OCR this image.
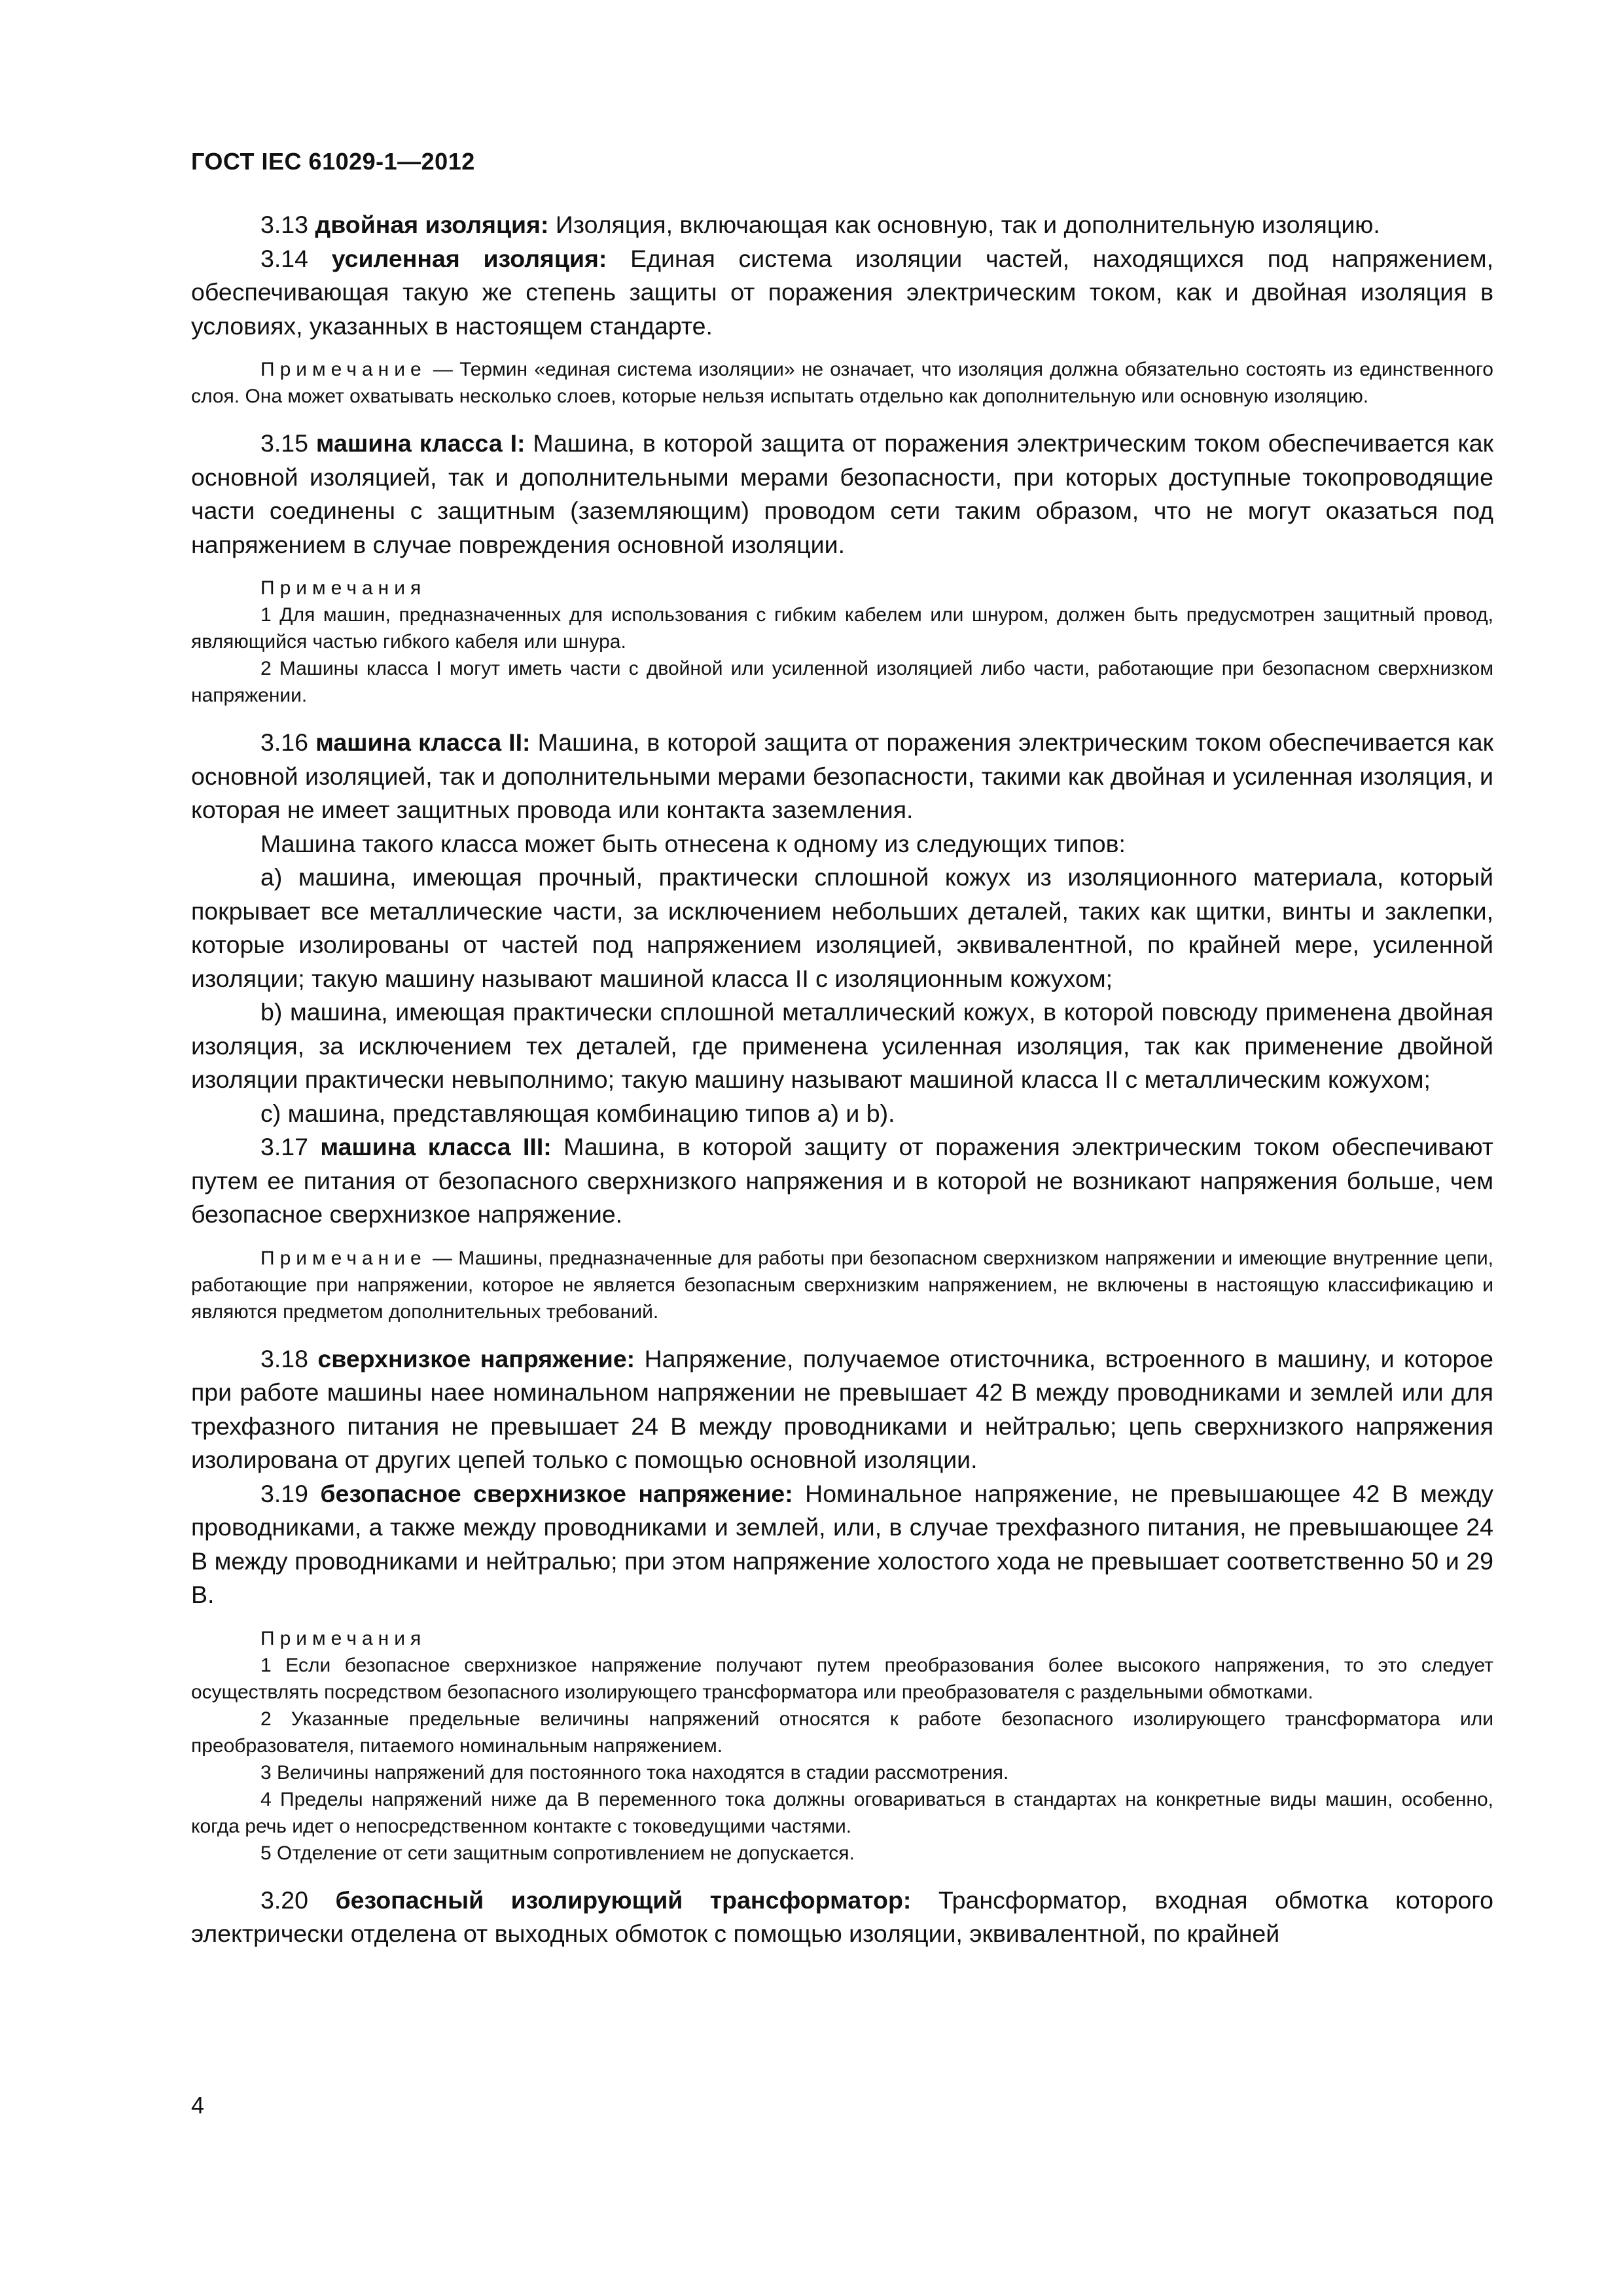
ГОСТ IEC 61029-1—2012

3.13 двойная изоляция: Изоляция, включающая как основную, так и дополнительную изоляцию.

3.14 усиленная изоляция: Единая система изоляции частей, находящихся под напряжением, обеспечивающая такую же степень защиты от поражения электрическим током, как и двойная изоляция в условиях, указанных в настоящем стандарте.

Примечание — Термин «единая система изоляции» не означает, что изоляция должна обязательно состоять из единственного слоя. Она может охватывать несколько слоев, которые нельзя испытать отдельно как дополнительную или основную изоляцию.

3.15 машина класса I: Машина, в которой защита от поражения электрическим током обеспечивается как основной изоляцией, так и дополнительными мерами безопасности, при которых доступные токопроводящие части соединены с защитным (заземляющим) проводом сети таким образом, что не могут оказаться под напряжением в случае повреждения основной изоляции.

Примечания

1 Для машин, предназначенных для использования с гибким кабелем или шнуром, должен быть предусмотрен защитный провод, являющийся частью гибкого кабеля или шнура.

2 Машины класса I могут иметь части с двойной или усиленной изоляцией либо части, работающие при безопасном сверхнизком напряжении.

3.16 машина класса II: Машина, в которой защита от поражения электрическим током обеспечивается как основной изоляцией, так и дополнительными мерами безопасности, такими как двойная и усиленная изоляция, и которая не имеет защитных провода или контакта заземления.

Машина такого класса может быть отнесена к одному из следующих типов:

a) машина, имеющая прочный, практически сплошной кожух из изоляционного материала, который покрывает все металлические части, за исключением небольших деталей, таких как щитки, винты и заклепки, которые изолированы от частей под напряжением изоляцией, эквивалентной, по крайней мере, усиленной изоляции; такую машину называют машиной класса II с изоляционным кожухом;

b) машина, имеющая практически сплошной металлический кожух, в которой повсюду применена двойная изоляция, за исключением тех деталей, где применена усиленная изоляция, так как применение двойной изоляции практически невыполнимо; такую машину называют машиной класса II с металлическим кожухом;

c) машина, представляющая комбинацию типов а) и b).

3.17 машина класса III: Машина, в которой защиту от поражения электрическим током обеспечивают путем ее питания от безопасного сверхнизкого напряжения и в которой не возникают напряжения больше, чем безопасное сверхнизкое напряжение.

Примечание — Машины, предназначенные для работы при безопасном сверхнизком напряжении и имеющие внутренние цепи, работающие при напряжении, которое не является безопасным сверхнизким напряжением, не включены в настоящую классификацию и являются предметом дополнительных требований.

3.18 сверхнизкое напряжение: Напряжение, получаемое отисточника, встроенного в машину, и которое при работе машины наее номинальном напряжении не превышает 42 В между проводниками и землей или для трехфазного питания не превышает 24 В между проводниками и нейтралью; цепь сверхнизкого напряжения изолирована от других цепей только с помощью основной изоляции.

3.19 безопасное сверхнизкое напряжение: Номинальное напряжение, не превышающее 42 В между проводниками, а также между проводниками и землей, или, в случае трехфазного питания, не превышающее 24 В между проводниками и нейтралью; при этом напряжение холостого хода не превышает соответственно 50 и 29 В.

Примечания

1 Если безопасное сверхнизкое напряжение получают путем преобразования более высокого напряжения, то это следует осуществлять посредством безопасного изолирующего трансформатора или преобразователя с раздельными обмотками.

2 Указанные предельные величины напряжений относятся к работе безопасного изолирующего трансформатора или преобразователя, питаемого номинальным напряжением.

3 Величины напряжений для постоянного тока находятся в стадии рассмотрения.

4 Пределы напряжений ниже да В переменного тока должны оговариваться в стандартах на конкретные виды машин, особенно, когда речь идет о непосредственном контакте с токоведущими частями.

5 Отделение от сети защитным сопротивлением не допускается.

3.20 безопасный изолирующий трансформатор: Трансформатор, входная обмотка которого электрически отделена от выходных обмоток с помощью изоляции, эквивалентной, по крайней

4
